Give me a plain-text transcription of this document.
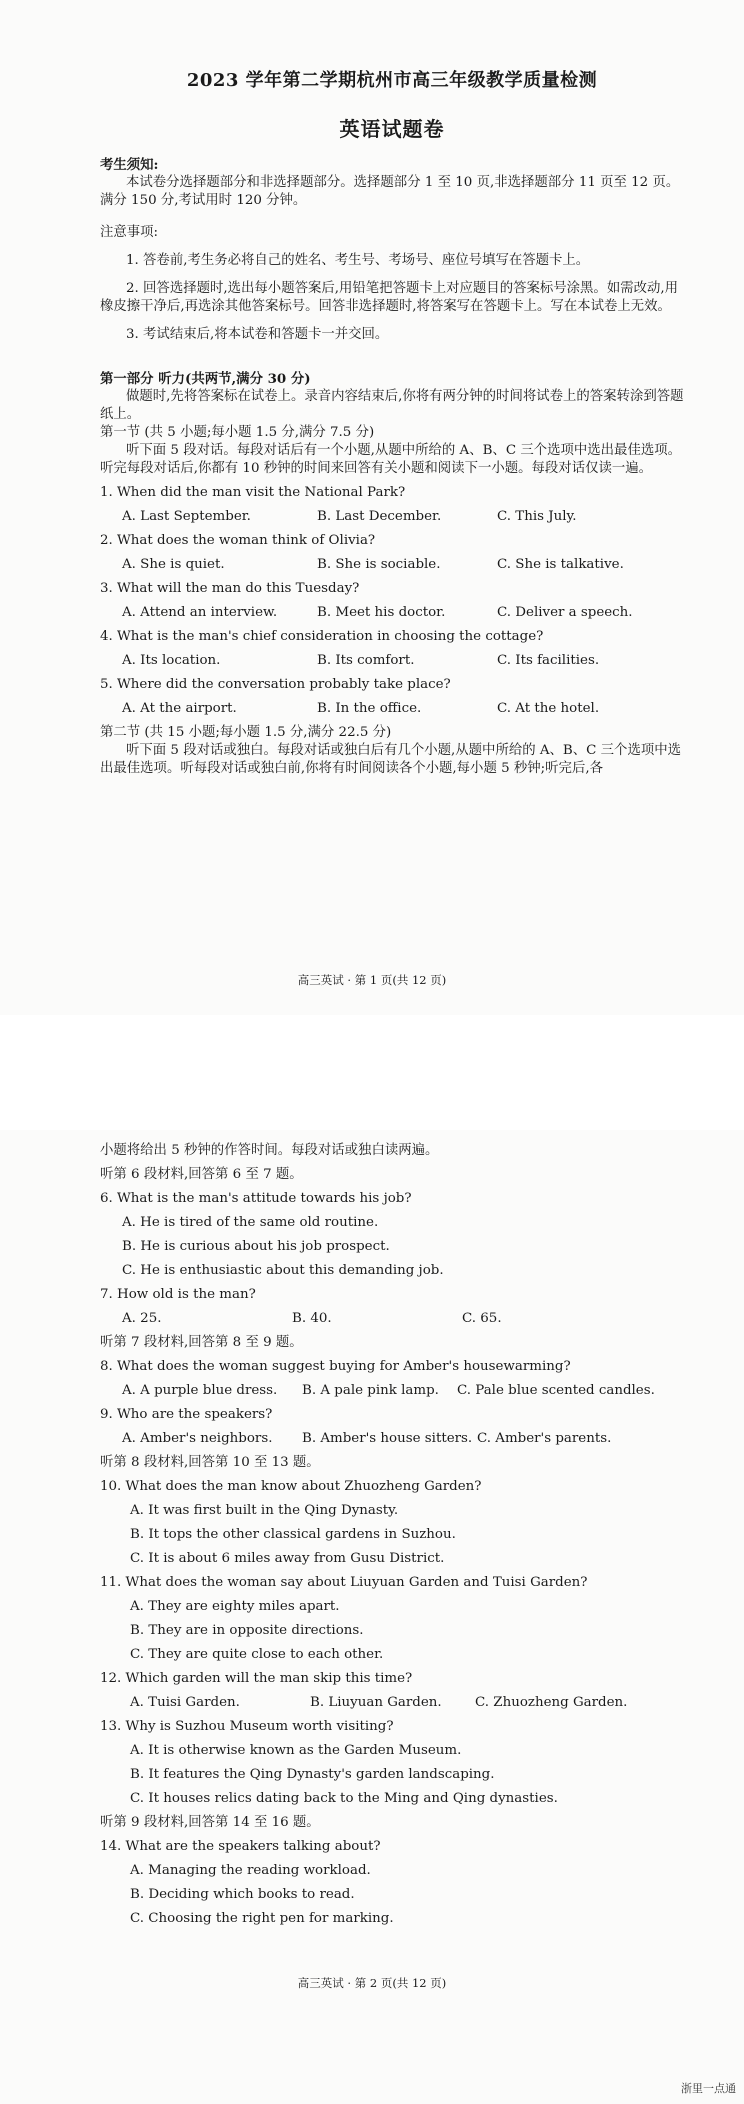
2023 学年第二学期杭州市高三年级教学质量检测
英语试题卷

考生须知:

本试卷分选择题部分和非选择题部分。选择题部分 1 至 10 页,非选择题部分 11 页至 12 页。满分 150 分,考试用时 120 分钟。

注意事项:

1. 答卷前,考生务必将自己的姓名、考生号、考场号、座位号填写在答题卡上。

2. 回答选择题时,选出每小题答案后,用铅笔把答题卡上对应题目的答案标号涂黑。如需改动,用橡皮擦干净后,再选涂其他答案标号。回答非选择题时,将答案写在答题卡上。写在本试卷上无效。

3. 考试结束后,将本试卷和答题卡一并交回。

第一部分 听力(共两节,满分 30 分)

做题时,先将答案标在试卷上。录音内容结束后,你将有两分钟的时间将试卷上的答案转涂到答题纸上。

第一节 (共 5 小题;每小题 1.5 分,满分 7.5 分)

听下面 5 段对话。每段对话后有一个小题,从题中所给的 A、B、C 三个选项中选出最佳选项。听完每段对话后,你都有 10 秒钟的时间来回答有关小题和阅读下一小题。每段对话仅读一遍。

1. When did the man visit the National Park?

A. Last September.	B. Last December.	C. This July.

2. What does the woman think of Olivia?

A. She is quiet.	B. She is sociable.	C. She is talkative.

3. What will the man do this Tuesday?

A. Attend an interview.	B. Meet his doctor.	C. Deliver a speech.

4. What is the man's chief consideration in choosing the cottage?

A. Its location.	B. Its comfort.	C. Its facilities.

5. Where did the conversation probably take place?

A. At the airport.	B. In the office.	C. At the hotel.

第二节 (共 15 小题;每小题 1.5 分,满分 22.5 分)

听下面 5 段对话或独白。每段对话或独白后有几个小题,从题中所给的 A、B、C 三个选项中选出最佳选项。听每段对话或独白前,你将有时间阅读各个小题,每小题 5 秒钟;听完后,各

高三英试 · 第 1 页(共 12 页)

小题将给出 5 秒钟的作答时间。每段对话或独白读两遍。

听第 6 段材料,回答第 6 至 7 题。

6. What is the man's attitude towards his job?

A. He is tired of the same old routine.
B. He is curious about his job prospect.
C. He is enthusiastic about this demanding job.

7. How old is the man?

A. 25.	B. 40.	C. 65.

听第 7 段材料,回答第 8 至 9 题。

8. What does the woman suggest buying for Amber's housewarming?

A. A purple blue dress.	B. A pale pink lamp.	C. Pale blue scented candles.

9. Who are the speakers?

A. Amber's neighbors.	B. Amber's house sitters. C. Amber's parents.

听第 8 段材料,回答第 10 至 13 题。

10. What does the man know about Zhuozheng Garden?

A. It was first built in the Qing Dynasty.
B. It tops the other classical gardens in Suzhou.
C. It is about 6 miles away from Gusu District.

11. What does the woman say about Liuyuan Garden and Tuisi Garden?

A. They are eighty miles apart.
B. They are in opposite directions.
C. They are quite close to each other.

12. Which garden will the man skip this time?

A. Tuisi Garden.	B. Liuyuan Garden.	C. Zhuozheng Garden.

13. Why is Suzhou Museum worth visiting?

A. It is otherwise known as the Garden Museum.
B. It features the Qing Dynasty's garden landscaping.
C. It houses relics dating back to the Ming and Qing dynasties.

听第 9 段材料,回答第 14 至 16 题。

14. What are the speakers talking about?

A. Managing the reading workload.
B. Deciding which books to read.
C. Choosing the right pen for marking.
高三英试 · 第 2 页(共 12 页)
浙里一点通
